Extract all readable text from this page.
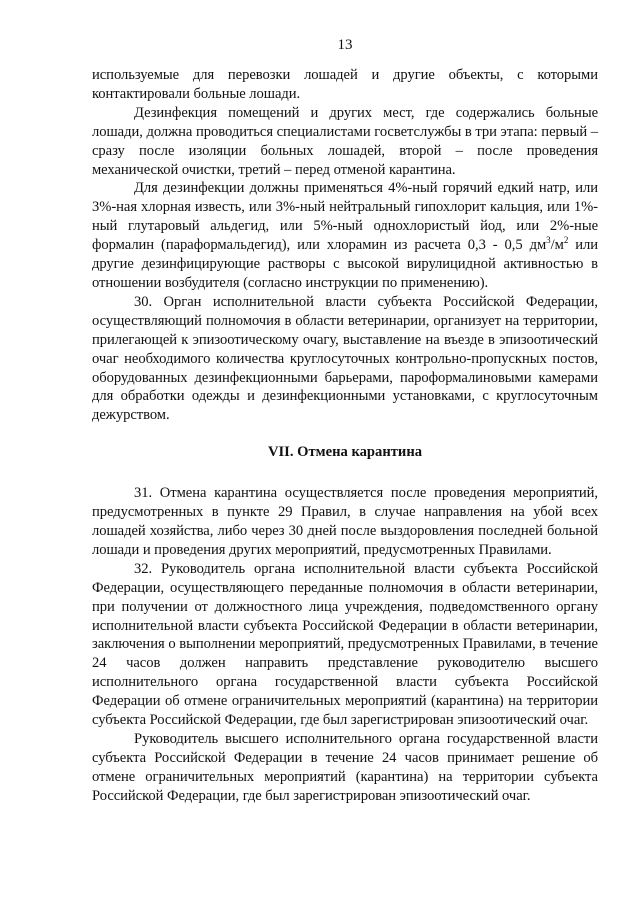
13

используемые для перевозки лошадей и другие объекты, с которыми контактировали больные лошади.

Дезинфекция помещений и других мест, где содержались больные лошади, должна проводиться специалистами госветслужбы в три этапа: первый – сразу после изоляции больных лошадей, второй – после проведения механической очистки, третий – перед отменой карантина.

Для дезинфекции должны применяться 4%-ный горячий едкий натр, или 3%-ная хлорная известь, или 3%-ный нейтральный гипохлорит кальция, или 1%-ный глутаровый альдегид, или 5%-ный однохлористый йод, или 2%-ные формалин (параформальдегид), или хлорамин из расчета 0,3 - 0,5 $дм^3/м^2$ или другие дезинфицирующие растворы с высокой вирулицидной активностью в отношении возбудителя (согласно инструкции по применению).

30. Орган исполнительной власти субъекта Российской Федерации, осуществляющий полномочия в области ветеринарии, организует на территории, прилегающей к эпизоотическому очагу, выставление на въезде в эпизоотический очаг необходимого количества круглосуточных контрольно-пропускных постов, оборудованных дезинфекционными барьерами, пароформалиновыми камерами для обработки одежды и дезинфекционными установками, с круглосуточным дежурством.

VII. Отмена карантина

31. Отмена карантина осуществляется после проведения мероприятий, предусмотренных в пункте 29 Правил, в случае направления на убой всех лошадей хозяйства, либо через 30 дней после выздоровления последней больной лошади и проведения других мероприятий, предусмотренных Правилами.

32. Руководитель органа исполнительной власти субъекта Российской Федерации, осуществляющего переданные полномочия в области ветеринарии, при получении от должностного лица учреждения, подведомственного органу исполнительной власти субъекта Российской Федерации в области ветеринарии, заключения о выполнении мероприятий, предусмотренных Правилами, в течение 24 часов должен направить представление руководителю высшего исполнительного органа государственной власти субъекта Российской Федерации об отмене ограничительных мероприятий (карантина) на территории субъекта Российской Федерации, где был зарегистрирован эпизоотический очаг.

Руководитель высшего исполнительного органа государственной власти субъекта Российской Федерации в течение 24 часов принимает решение об отмене ограничительных мероприятий (карантина) на территории субъекта Российской Федерации, где был зарегистрирован эпизоотический очаг.
